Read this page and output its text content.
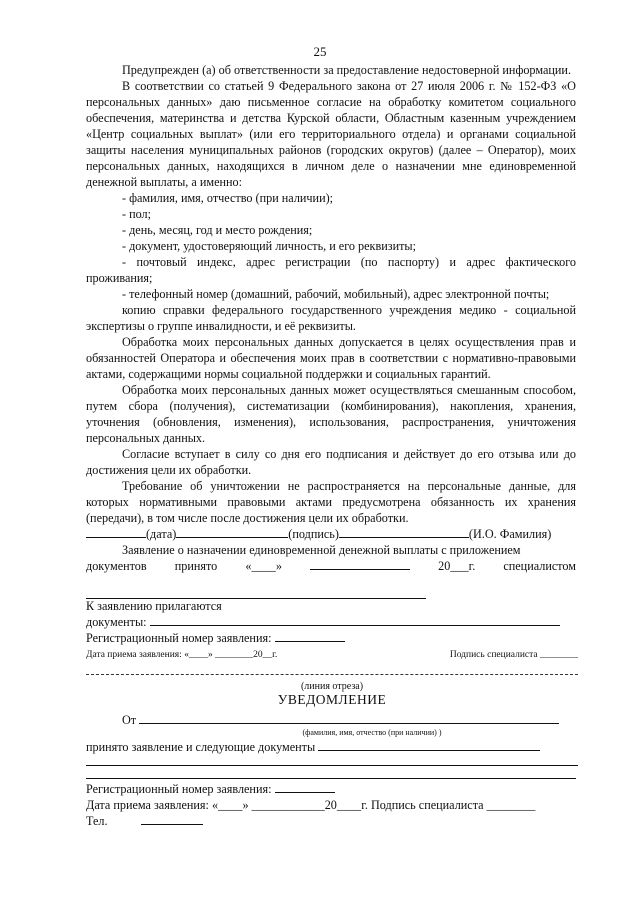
25

Предупрежден (а) об ответственности за предоставление недостоверной информации.

В соответствии со статьей 9 Федерального закона от 27 июля 2006 г. № 152-ФЗ «О персональных данных» даю письменное согласие на обработку комитетом социального обеспечения, материнства и детства Курской области, Областным казенным учреждением «Центр социальных выплат» (или его территориального отдела) и органами социальной защиты населения муниципальных районов (городских округов) (далее – Оператор), моих персональных данных, находящихся в личном деле о назначении мне единовременной денежной выплаты, а именно:

- фамилия, имя, отчество (при наличии);

- пол;

- день, месяц, год и место рождения;

- документ, удостоверяющий личность, и его реквизиты;

- почтовый индекс, адрес регистрации (по паспорту) и адрес фактического проживания;

- телефонный номер (домашний, рабочий, мобильный), адрес электронной почты;

копию справки федерального государственного учреждения медико - социальной экспертизы о группе инвалидности, и её реквизиты.

Обработка моих персональных данных допускается в целях осуществления прав и обязанностей Оператора и обеспечения моих прав в соответствии с нормативно-правовыми актами, содержащими нормы социальной поддержки и социальных гарантий.

Обработка моих персональных данных может осуществляться смешанным способом, путем сбора (получения), систематизации (комбинирования), накопления, хранения, уточнения (обновления, изменения), использования, распространения, уничтожения персональных данных.

Согласие вступает в силу со дня его подписания и действует до его отзыва или до достижения цели их обработки.

Требование об уничтожении не распространяется на персональные данные, для которых нормативными правовыми актами предусмотрена обязанность их хранения (передачи), в том числе после достижения цели их обработки.

(дата)	(подпись)	(И.О. Фамилия)

Заявление о назначении единовременной денежной выплаты с приложением

документов принято «____»	20___г. специалистом
К заявлению прилагаются
документы:
Регистрационный номер заявления:
Дата приема заявления: «____» ________20__г.	Подпись специалиста ________
(линия отреза)
УВЕДОМЛЕНИЕ
От
(фамилия, имя, отчество (при наличии) )
принято заявление и следующие документы
Регистрационный номер заявления:
Дата приема заявления: «____» ____________20____г. Подпись специалиста ________
Тел.
